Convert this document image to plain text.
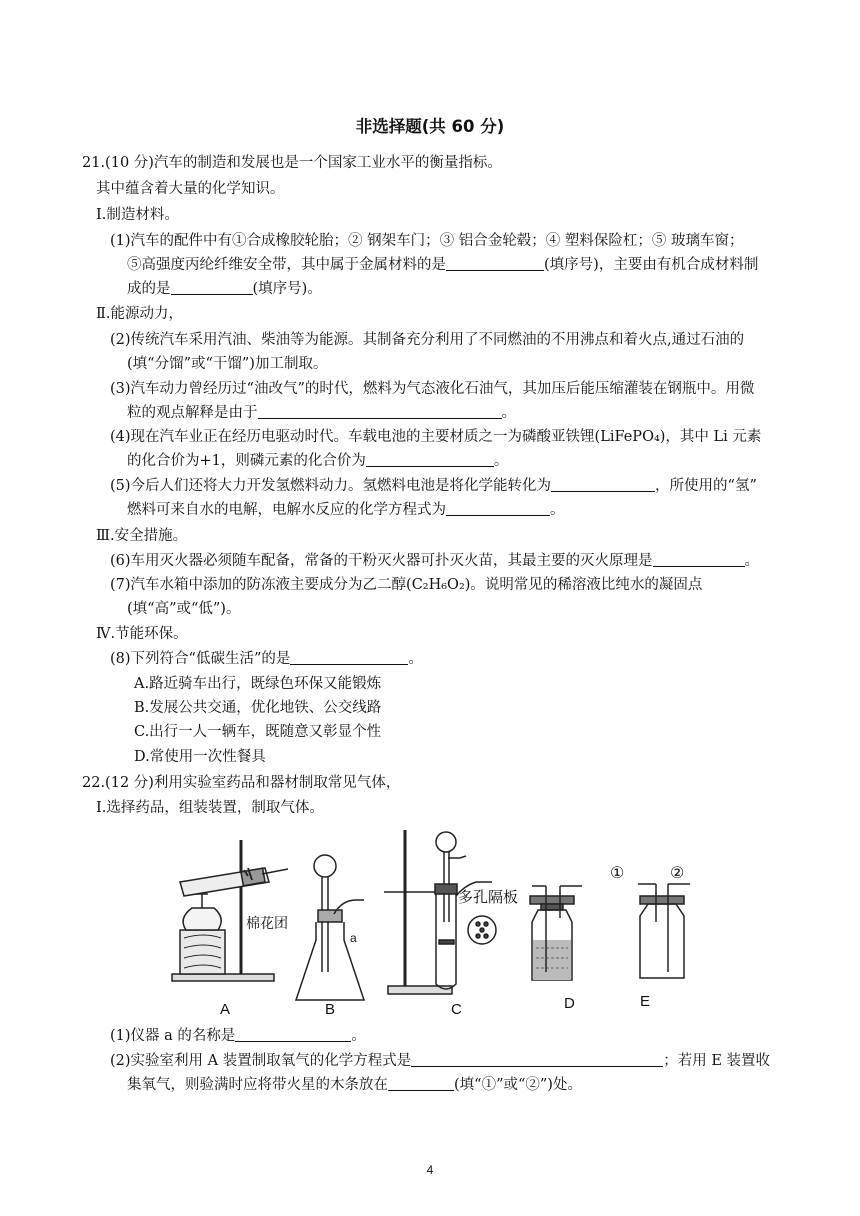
非选择题(共 60 分)
21.(10 分)汽车的制造和发展也是一个国家工业水平的衡量指标。
其中蕴含着大量的化学知识。
Ⅰ.制造材料。
(1)汽车的配件中有①合成橡胶轮胎；② 钢架车门；③ 铝合金轮毂；④ 塑料保险杠；⑤ 玻璃车窗；
⑤高强度丙纶纤维安全带，其中属于金属材料的是	(填序号)，主要由有机合成材料制
成的是	(填序号)。
Ⅱ.能源动力，
(2)传统汽车采用汽油、柴油等为能源。其制备充分利用了不同燃油的不用沸点和着火点,通过石油的
(填“分馏”或“干馏”)加工制取。
(3)汽车动力曾经历过“油改气”的时代，燃料为气态液化石油气，其加压后能压缩灌装在钢瓶中。用微
粒的观点解释是由于	。
(4)现在汽车业正在经历电驱动时代。车载电池的主要材质之一为磷酸亚铁锂(LiFePO₄)，其中 Li 元素
的化合价为+1，则磷元素的化合价为	。
(5)今后人们还将大力开发氢燃料动力。氢燃料电池是将化学能转化为	，所使用的“氢”
燃料可来自水的电解，电解水反应的化学方程式为	。
Ⅲ.安全措施。
(6)车用灭火器必须随车配备，常备的干粉灭火器可扑灭火苗，其最主要的灭火原理是	。
(7)汽车水箱中添加的防冻液主要成分为乙二醇(C₂H₆O₂)。说明常见的稀溶液比纯水的凝固点
(填“高”或“低”)。
Ⅳ.节能环保。
(8)下列符合“低碳生活”的是	。
A.路近骑车出行，既绿色环保又能锻炼
B.发展公共交通，优化地铁、公交线路
C.出行一人一辆车，既随意又彰显个性
D.常使用一次性餐具
22.(12 分)利用实验室药品和器材制取常见气体，
Ⅰ.选择药品，组装装置，制取气体。
棉花团
a
多孔隔板
①	②
A	B	C	D	E
(1)仪器 a 的名称是	。
(2)实验室利用 A 装置制取氧气的化学方程式是	；若用 E 装置收
集氧气，则验满时应将带火星的木条放在	(填“①”或“②”)处。
4
